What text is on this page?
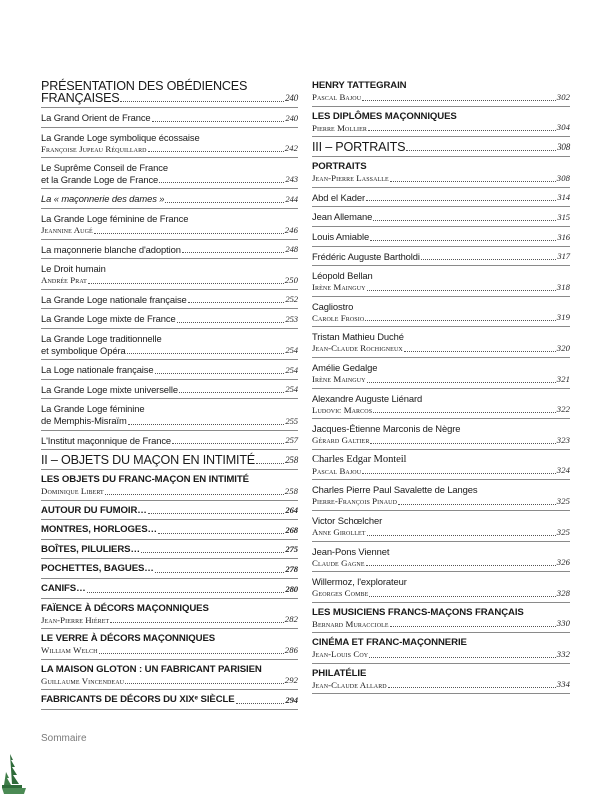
PRÉSENTATION DES OBÉDIENCES
FRANÇAISES	240
La Grand Orient de France	240
La Grande Loge symbolique écossaise
Françoise Jupeau Réquillard	242
Le Suprême Conseil de France
et la Grande Loge de France	243
La « maçonnerie des dames »	244
La Grande Loge féminine de France
Jeannine Augé	246
La maçonnerie blanche d'adoption	248
Le Droit humain
Andrée Prat	250
La Grande Loge nationale française	252
La Grande Loge mixte de France	253
La Grande Loge traditionnelle
et symbolique Opéra	254
La Loge nationale française	254
La Grande Loge mixte universelle	254
La Grande Loge féminine
de Memphis-Misraïm	255
L'Institut maçonnique de France	257
II – OBJETS DU MAÇON EN INTIMITÉ	258
LES OBJETS DU FRANC-MAÇON EN INTIMITÉ
Dominique Libert	258
AUTOUR DU FUMOIR…	264
MONTRES, HORLOGES…	268
BOÎTES, PILULIERS…	275
POCHETTES, BAGUES…	278
CANIFS…	280
FAÏENCE À DÉCORS MAÇONNIQUES
Jean-Pierre Hiéret	282
LE VERRE À DÉCORS MAÇONNIQUES
William Welch	286
LA MAISON GLOTON : UN FABRICANT PARISIEN
Guillaume Vincendeau	292
FABRICANTS DE DÉCORS DU XIXᵉ SIÈCLE	294
HENRY TATTEGRAIN
Pascal Bajou	302
LES DIPLÔMES MAÇONNIQUES
Pierre Mollier	304
III – PORTRAITS	308
PORTRAITS
Jean-Pierre Lassalle	308
Abd el Kader	314
Jean Allemane	315
Louis Amiable	316
Frédéric Auguste Bartholdi	317
Léopold Bellan
Irène Mainguy	318
Cagliostro
Carole Frosio	319
Tristan Mathieu Duché
Jean-Claude Rochigneux	320
Amélie Gedalge
Irène Mainguy	321
Alexandre Auguste Liénard
Ludovic Marcos	322
Jacques-Étienne Marconis de Nègre
Gérard Galtier	323
Charles Edgar Monteil
Pascal Bajou	324
Charles Pierre Paul Savalette de Langes
Pierre-François Pinaud	325
Victor Schœlcher
Anne Girollet	325
Jean-Pons Viennet
Claude Gagne	326
Willermoz, l'explorateur
Georges Combe	328
LES MUSICIENS FRANCS-MAÇONS FRANÇAIS
Bernard Muracciole	330
CINÉMA ET FRANC-MAÇONNERIE
Jean-Louis Coy	332
PHILATÉLIE
Jean-Claude Allard	334
Sommaire
